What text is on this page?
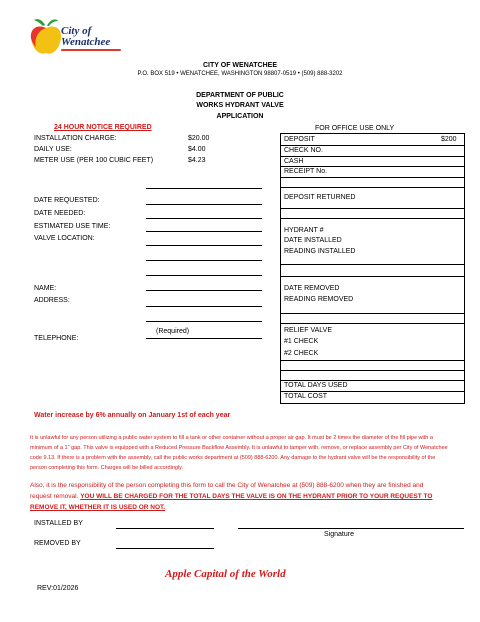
City of
Wenatchee
CITY OF WENATCHEE
P.O. BOX 519 • WENATCHEE, WASHINGTON 98807-0519 • (509) 888-3202
DEPARTMENT OF PUBLIC
WORKS HYDRANT VALVE
APPLICATION
24 HOUR NOTICE REQUIRED
INSTALLATION CHARGE:	$20.00
DAILY USE:	$4.00
METER USE (PER 100 CUBIC FEET)	$4.23
DATE REQUESTED:
DATE NEEDED:
ESTIMATED USE TIME:
VALVE LOCATION:
NAME:
ADDRESS:
(Required)
TELEPHONE:
FOR OFFICE USE ONLY
DEPOSIT	$200
CHECK NO.
CASH
RECEIPT No.
DEPOSIT RETURNED
HYDRANT #
DATE INSTALLED
READING INSTALLED
DATE REMOVED
READING REMOVED
RELIEF VALVE
#1 CHECK
#2 CHECK
TOTAL DAYS USED
TOTAL COST
Water increase by 6% annually on January 1st of each year
It is unlawful for any person utilizing a public water system to fill a tank or other container without a proper air gap. It must be 2 times the diameter of the fill pipe with a minimum of a 1" gap. This valve is equipped with a Reduced Pressure Backflow Assembly. It is unlawful to tamper with, remove, or replace assembly per City of Wenatchee code 9.13. If there is a problem with the assembly, call the public works department at (509) 888-6200. Any damage to the hydrant valve will be the responsibility of the person completing this form. Charges will be billed accordingly.
Also, it is the responsibility of the person completing this form to call the City of Wenatchee at (509) 888-6200 when they are finished and request removal. YOU WILL BE CHARGED FOR THE TOTAL DAYS THE VALVE IS ON THE HYDRANT PRIOR TO YOUR REQUEST TO REMOVE IT, WHETHER IT IS USED OR NOT.
INSTALLED BY
Signature
REMOVED BY
Apple Capital of the World
REV:01/2026
